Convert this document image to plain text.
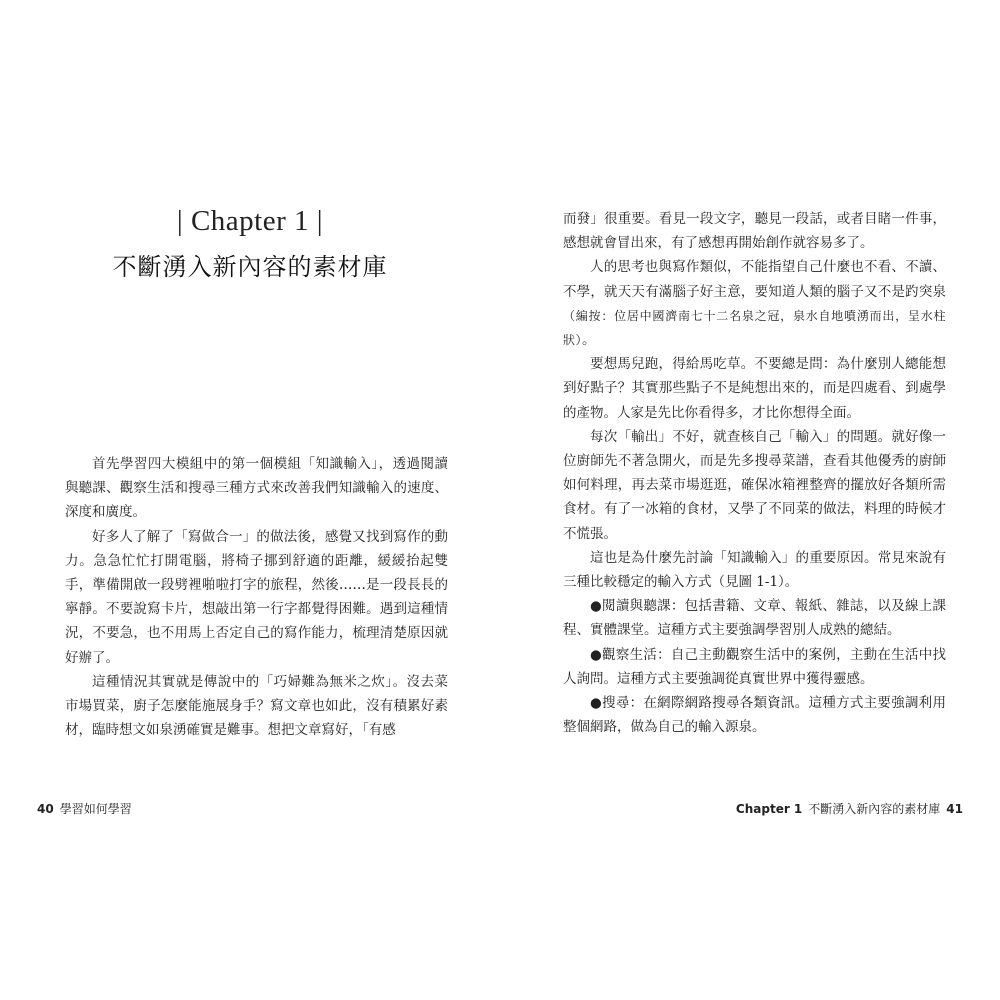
| Chapter 1 |
不斷湧入新內容的素材庫

首先學習四大模組中的第一個模組「知識輸入」，透過閱讀與聽課、觀察生活和搜尋三種方式來改善我們知識輸入的速度、深度和廣度。

好多人了解了「寫做合一」的做法後，感覺又找到寫作的動力。急急忙忙打開電腦，將椅子挪到舒適的距離，緩緩抬起雙手，準備開啟一段劈裡啪啦打字的旅程，然後……是一段長長的寧靜。不要說寫卡片，想敲出第一行字都覺得困難。遇到這種情況，不要急，也不用馬上否定自己的寫作能力，梳理清楚原因就好辦了。

這種情況其實就是傳說中的「巧婦難為無米之炊」。沒去菜市場買菜，廚子怎麼能施展身手？寫文章也如此，沒有積累好素材，臨時想文如泉湧確實是難事。想把文章寫好，「有感

40 學習如何學習

而發」很重要。看見一段文字，聽見一段話，或者目睹一件事，感想就會冒出來，有了感想再開始創作就容易多了。

人的思考也與寫作類似，不能指望自己什麼也不看、不讀、不學，就天天有滿腦子好主意，要知道人類的腦子又不是趵突泉（編按：位居中國濟南七十二名泉之冠，泉水自地噴湧而出，呈水柱狀）。

要想馬兒跑，得給馬吃草。不要總是問：為什麼別人總能想到好點子？其實那些點子不是純想出來的，而是四處看、到處學的產物。人家是先比你看得多，才比你想得全面。

每次「輸出」不好，就查核自己「輸入」的問題。就好像一位廚師先不著急開火，而是先多搜尋菜譜，查看其他優秀的廚師如何料理，再去菜市場逛逛，確保冰箱裡整齊的擺放好各類所需食材。有了一冰箱的食材，又學了不同菜的做法，料理的時候才不慌張。

這也是為什麼先討論「知識輸入」的重要原因。常見來說有三種比較穩定的輸入方式（見圖 1-1）。

●閱讀與聽課：包括書籍、文章、報紙、雜誌，以及線上課程、實體課堂。這種方式主要強調學習別人成熟的總結。

●觀察生活：自己主動觀察生活中的案例，主動在生活中找人詢問。這種方式主要強調從真實世界中獲得靈感。

●搜尋：在網際網路搜尋各類資訊。這種方式主要強調利用整個網路，做為自己的輸入源泉。

Chapter 1 不斷湧入新內容的素材庫 41
